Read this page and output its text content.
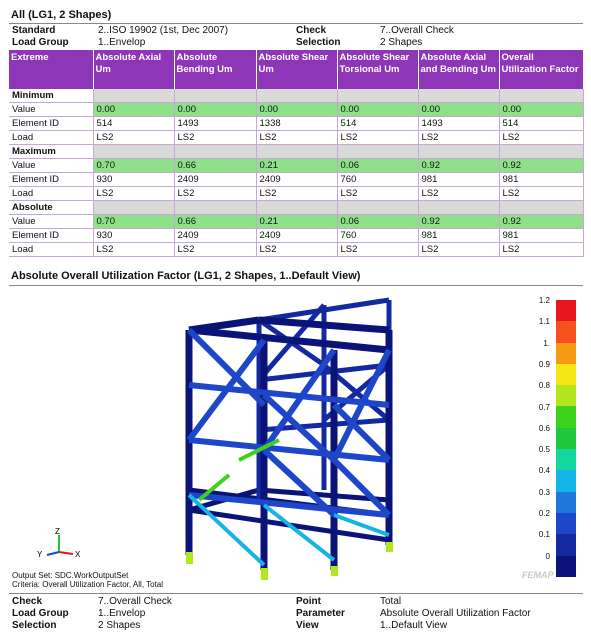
All (LG1, 2 Shapes)
Standard	2..ISO 19902 (1st, Dec 2007)	Check	7..Overall Check
Load Group	1..Envelop	Selection	2 Shapes
Extreme	Absolute Axial Um	Absolute Bending Um	Absolute Shear Um	Absolute Shear Torsional Um	Absolute Axial and Bending Um	Overall Utilization Factor
Minimum						
Value	0.00	0.00	0.00	0.00	0.00	0.00
Element ID	514	1493	1338	514	1493	514
Load	LS2	LS2	LS2	LS2	LS2	LS2
Maximum						
Value	0.70	0.66	0.21	0.06	0.92	0.92
Element ID	930	2409	2409	760	981	981
Load	LS2	LS2	LS2	LS2	LS2	LS2
Absolute						
Value	0.70	0.66	0.21	0.06	0.92	0.92
Element ID	930	2409	2409	760	981	981
Load	LS2	LS2	LS2	LS2	LS2	LS2
Absolute Overall Utilization Factor (LG1, 2 Shapes, 1..Default View)
Z
Y	X
FEMAP
1.2
1.1
1.
0.9
0.8
0.7
0.6
0.5
0.4
0.3
0.2
0.1
0
Output Set: SDC.WorkOutputSet
Criteria: Overall Utilization Factor, All, Total
Check	7..Overall Check	Point	Total
Load Group	1..Envelop	Parameter	Absolute Overall Utilization Factor
Selection	2 Shapes	View	1..Default View
